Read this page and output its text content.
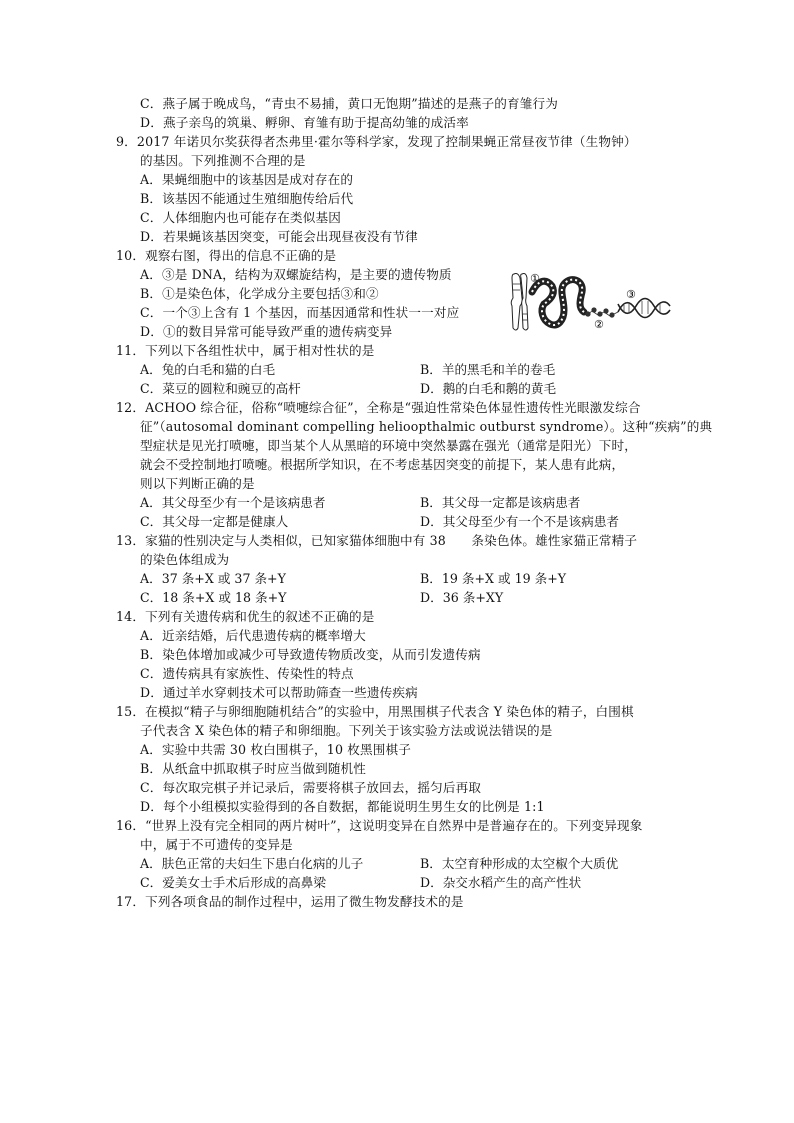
C．燕子属于晚成鸟，“青虫不易捕，黄口无饱期”描述的是燕子的育雏行为
D．燕子亲鸟的筑巢、孵卵、育雏有助于提高幼雏的成活率
9．2017 年诺贝尔奖获得者杰弗里·霍尔等科学家，发现了控制果蝇正常昼夜节律（生物钟）
的基因。下列推测不合理的是
A．果蝇细胞中的该基因是成对存在的
B．该基因不能通过生殖细胞传给后代
C．人体细胞内也可能存在类似基因
D．若果蝇该基因突变，可能会出现昼夜没有节律
10．观察右图，得出的信息不正确的是
A．③是 DNA，结构为双螺旋结构，是主要的遗传物质
B．①是染色体，化学成分主要包括③和②
C．一个③上含有 1 个基因，而基因通常和性状一一对应
D．①的数目异常可能导致严重的遗传病变异
11．下列以下各组性状中，属于相对性状的是
12．ACHOO 综合征，俗称“喷嚏综合征”，全称是“强迫性常染色体显性遗传性光眼激发综合
征”（autosomal dominant compelling helioopthalmic outburst syndrome）。这种“疾病”的典
型症状是见光打喷嚏，即当某个人从黑暗的环境中突然暴露在强光（通常是阳光）下时，
就会不受控制地打喷嚏。根据所学知识，在不考虑基因突变的前提下，某人患有此病，
则以下判断正确的是
13．家猫的性别决定与人类相似，已知家猫体细胞中有 38　　条染色体。雄性家猫正常精子
的染色体组成为
14．下列有关遗传病和优生的叙述不正确的是
A．近亲结婚，后代患遗传病的概率增大
B．染色体增加或减少可导致遗传物质改变，从而引发遗传病
C．遗传病具有家族性、传染性的特点
D．通过羊水穿刺技术可以帮助筛查一些遗传疾病
15．在模拟“精子与卵细胞随机结合”的实验中，用黑围棋子代表含 Y 染色体的精子，白围棋
子代表含 X 染色体的精子和卵细胞。下列关于该实验方法或说法错误的是
A．实验中共需 30 枚白围棋子，10 枚黑围棋子
B．从纸盒中抓取棋子时应当做到随机性
C．每次取完棋子并记录后，需要将棋子放回去，摇匀后再取
D．每个小组模拟实验得到的各自数据，都能说明生男生女的比例是 1:1
16．“世界上没有完全相同的两片树叶”，这说明变异在自然界中是普遍存在的。下列变异现象
中，属于不可遗传的变异是
17．下列各项食品的制作过程中，运用了微生物发酵技术的是
A．兔的白毛和猫的白毛	B．羊的黑毛和羊的卷毛
C．菜豆的圆粒和豌豆的高杆	D．鹅的白毛和鹅的黄毛
A．其父母至少有一个是该病患者	B．其父母一定都是该病患者
C．其父母一定都是健康人	D．其父母至少有一个不是该病患者
A．37 条+X 或 37 条+Y	B．19 条+X 或 19 条+Y
C．18 条+X 或 18 条+Y	D．36 条+XY
A．肤色正常的夫妇生下患白化病的儿子	B．太空育种形成的太空椒个大质优
C．爱美女士手术后形成的高鼻梁	D．杂交水稻产生的高产性状
①
②
③
